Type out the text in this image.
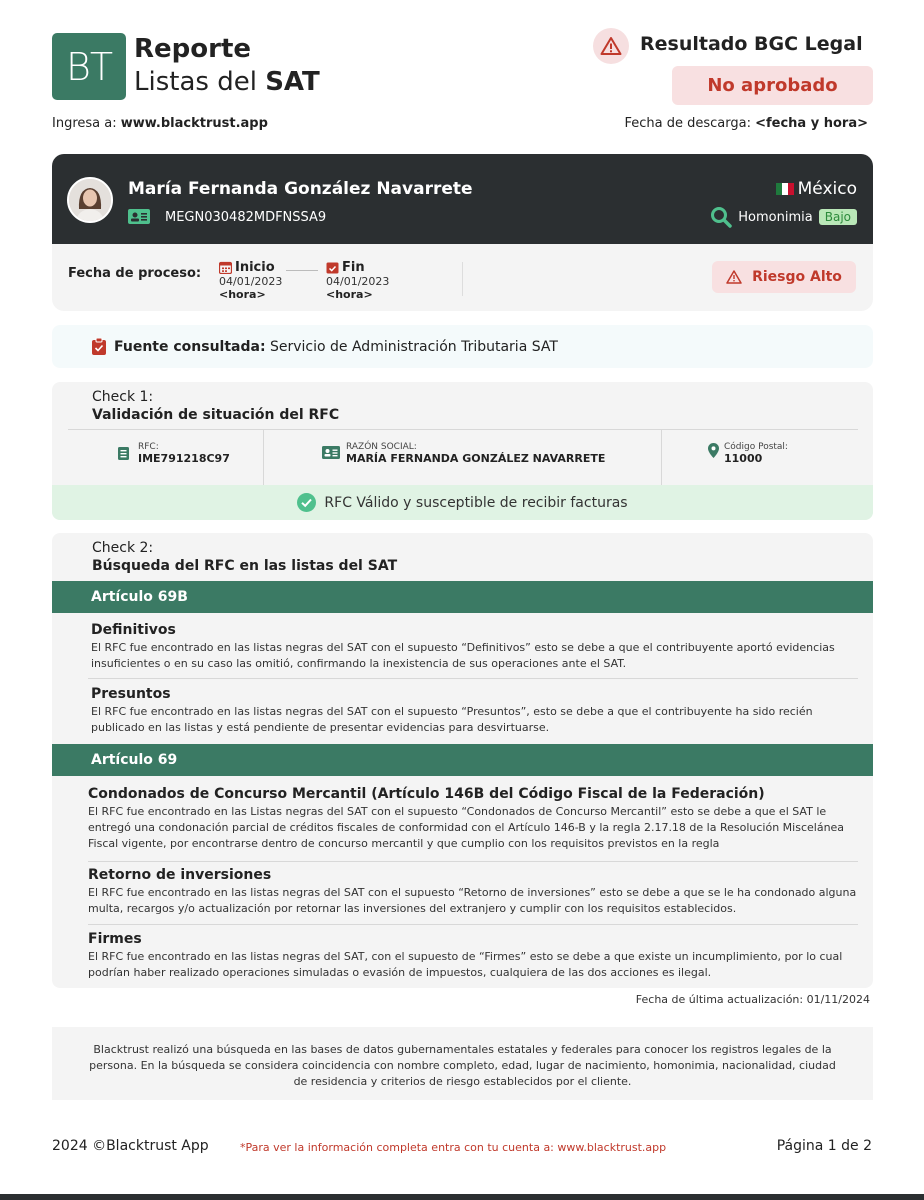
BT Reporte
Listas del SAT
Ingresa a: www.blacktrust.app
Resultado BGC Legal
No aprobado
Fecha de descarga: <fecha y hora>
María Fernanda González Navarrete
MEGN030482MDFNSSA9
México
Homonimia	Bajo
Fecha de proceso:	Inicio
04/01/2023
<hora>
Fin
04/01/2023
<hora>
Riesgo Alto
Fuente consultada: Servicio de Administración Tributaria SAT
Check 1:
Validación de situación del RFC
RFC:
IME791218C97
RAZÓN SOCIAL:
MARÍA FERNANDA GONZÁLEZ NAVARRETE
Código Postal:
11000
RFC Válido y susceptible de recibir facturas
Check 2:
Búsqueda del RFC en las listas del SAT
Artículo 69B
Definitivos
El RFC fue encontrado en las listas negras del SAT con el supuesto “Definitivos” esto se debe a que el contribuyente aportó evidencias insuficientes o en su caso las omitió, confirmando la inexistencia de sus operaciones ante el SAT.
Presuntos
El RFC fue encontrado en las listas negras del SAT con el supuesto “Presuntos”, esto se debe a que el contribuyente ha sido recién publicado en las listas y está pendiente de presentar evidencias para desvirtuarse.
Artículo 69
Condonados de Concurso Mercantil (Artículo 146B del Código Fiscal de la Federación)
El RFC fue encontrado en las Listas negras del SAT con el supuesto “Condonados de Concurso Mercantil” esto se debe a que el SAT le entregó una condonación parcial de créditos fiscales de conformidad con el Artículo 146-B y la regla 2.17.18 de la Resolución Miscelánea Fiscal vigente, por encontrarse dentro de concurso mercantil y que cumplio con los requisitos previstos en la regla
Retorno de inversiones
El RFC fue encontrado en las listas negras del SAT con el supuesto “Retorno de inversiones” esto se debe a que se le ha condonado alguna multa, recargos y/o actualización por retornar las inversiones del extranjero y cumplir con los requisitos establecidos.
Firmes
El RFC fue encontrado en las listas negras del SAT, con el supuesto de “Firmes” esto se debe a que existe un incumplimiento, por lo cual podrían haber realizado operaciones simuladas o evasión de impuestos, cualquiera de las dos acciones es ilegal.
Fecha de última actualización: 01/11/2024
Blacktrust realizó una búsqueda en las bases de datos gubernamentales estatales y federales para conocer los registros legales de la persona. En la búsqueda se considera coincidencia con nombre completo, edad, lugar de nacimiento, homonimia, nacionalidad, ciudad de residencia y criterios de riesgo establecidos por el cliente.
2024 ©Blacktrust App	*Para ver la información completa entra con tu cuenta a: www.blacktrust.app	Página 1 de 2
